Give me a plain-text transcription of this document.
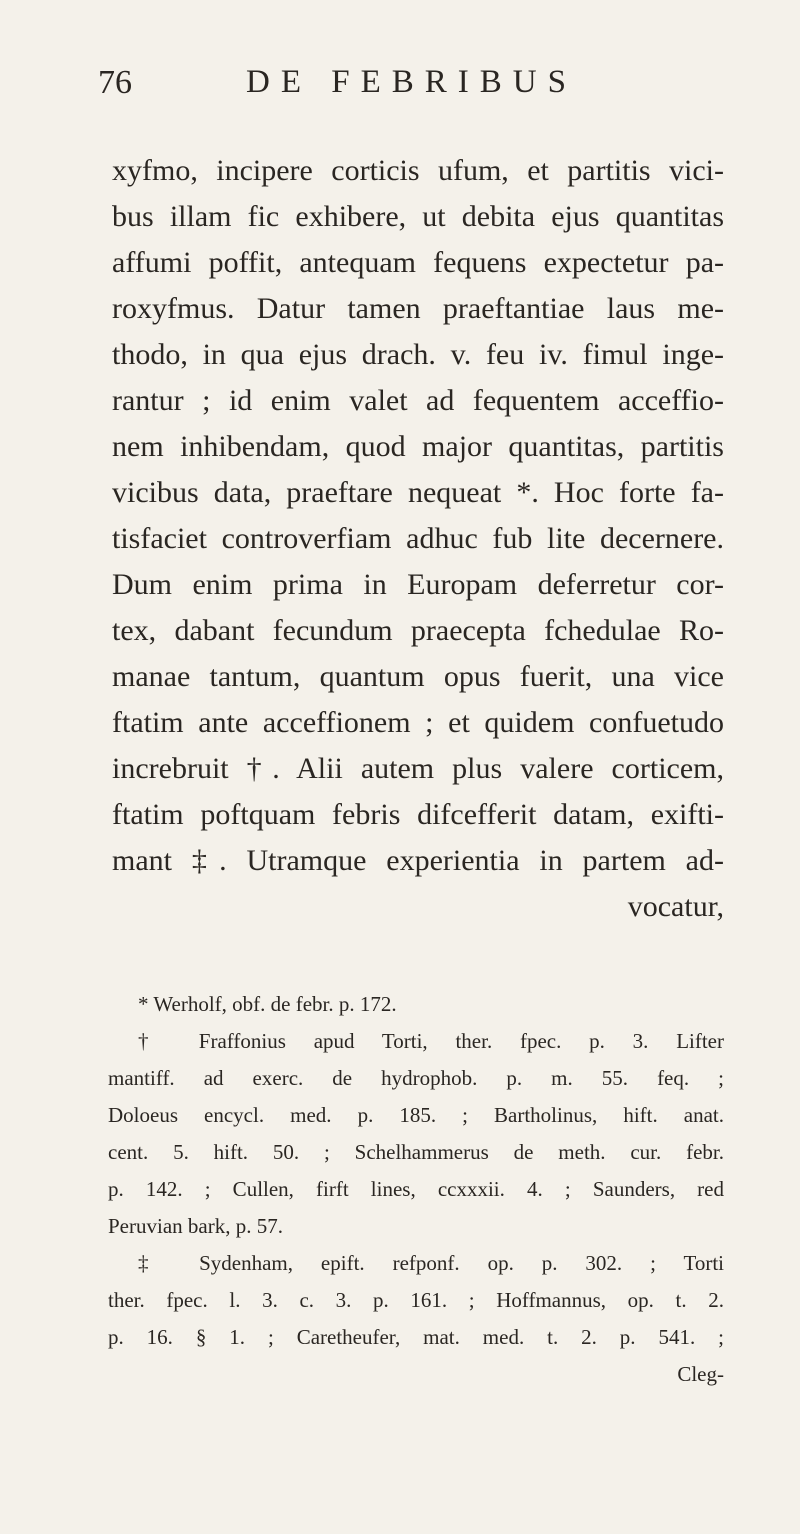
76	DE FEBRIBUS
xyfmo, incipere corticis ufum, et partitis vici-
bus illam fic exhibere, ut debita ejus quantitas
affumi poffit, antequam fequens expectetur pa-
roxyfmus. Datur tamen praeftantiae laus me-
thodo, in qua ejus drach. v. feu iv. fimul inge-
rantur ; id enim valet ad fequentem acceffio-
nem inhibendam, quod major quantitas, partitis
vicibus data, praeftare nequeat *. Hoc forte fa-
tisfaciet controverfiam adhuc fub lite decernere.
Dum enim prima in Europam deferretur cor-
tex, dabant fecundum praecepta fchedulae Ro-
manae tantum, quantum opus fuerit, una vice
ftatim ante acceffionem ; et quidem confuetudo
increbruit †. Alii autem plus valere corticem,
ftatim poftquam febris difcefferit datam, exifti-
mant ‡. Utramque experientia in partem ad-
vocatur,
* Werholf, obf. de febr. p. 172.
† Fraffonius apud Torti, ther. fpec. p. 3. Lifter
mantiff. ad exerc. de hydrophob. p. m. 55. feq. ;
Doloeus encycl. med. p. 185. ; Bartholinus, hift. anat.
cent. 5. hift. 50. ; Schelhammerus de meth. cur. febr.
p. 142. ; Cullen, firft lines, ccxxxii. 4. ; Saunders, red
Peruvian bark, p. 57.
‡ Sydenham, epift. refponf. op. p. 302. ; Torti
ther. fpec. l. 3. c. 3. p. 161. ; Hoffmannus, op. t. 2.
p. 16. § 1. ; Caretheufer, mat. med. t. 2. p. 541. ;
Cleg-
